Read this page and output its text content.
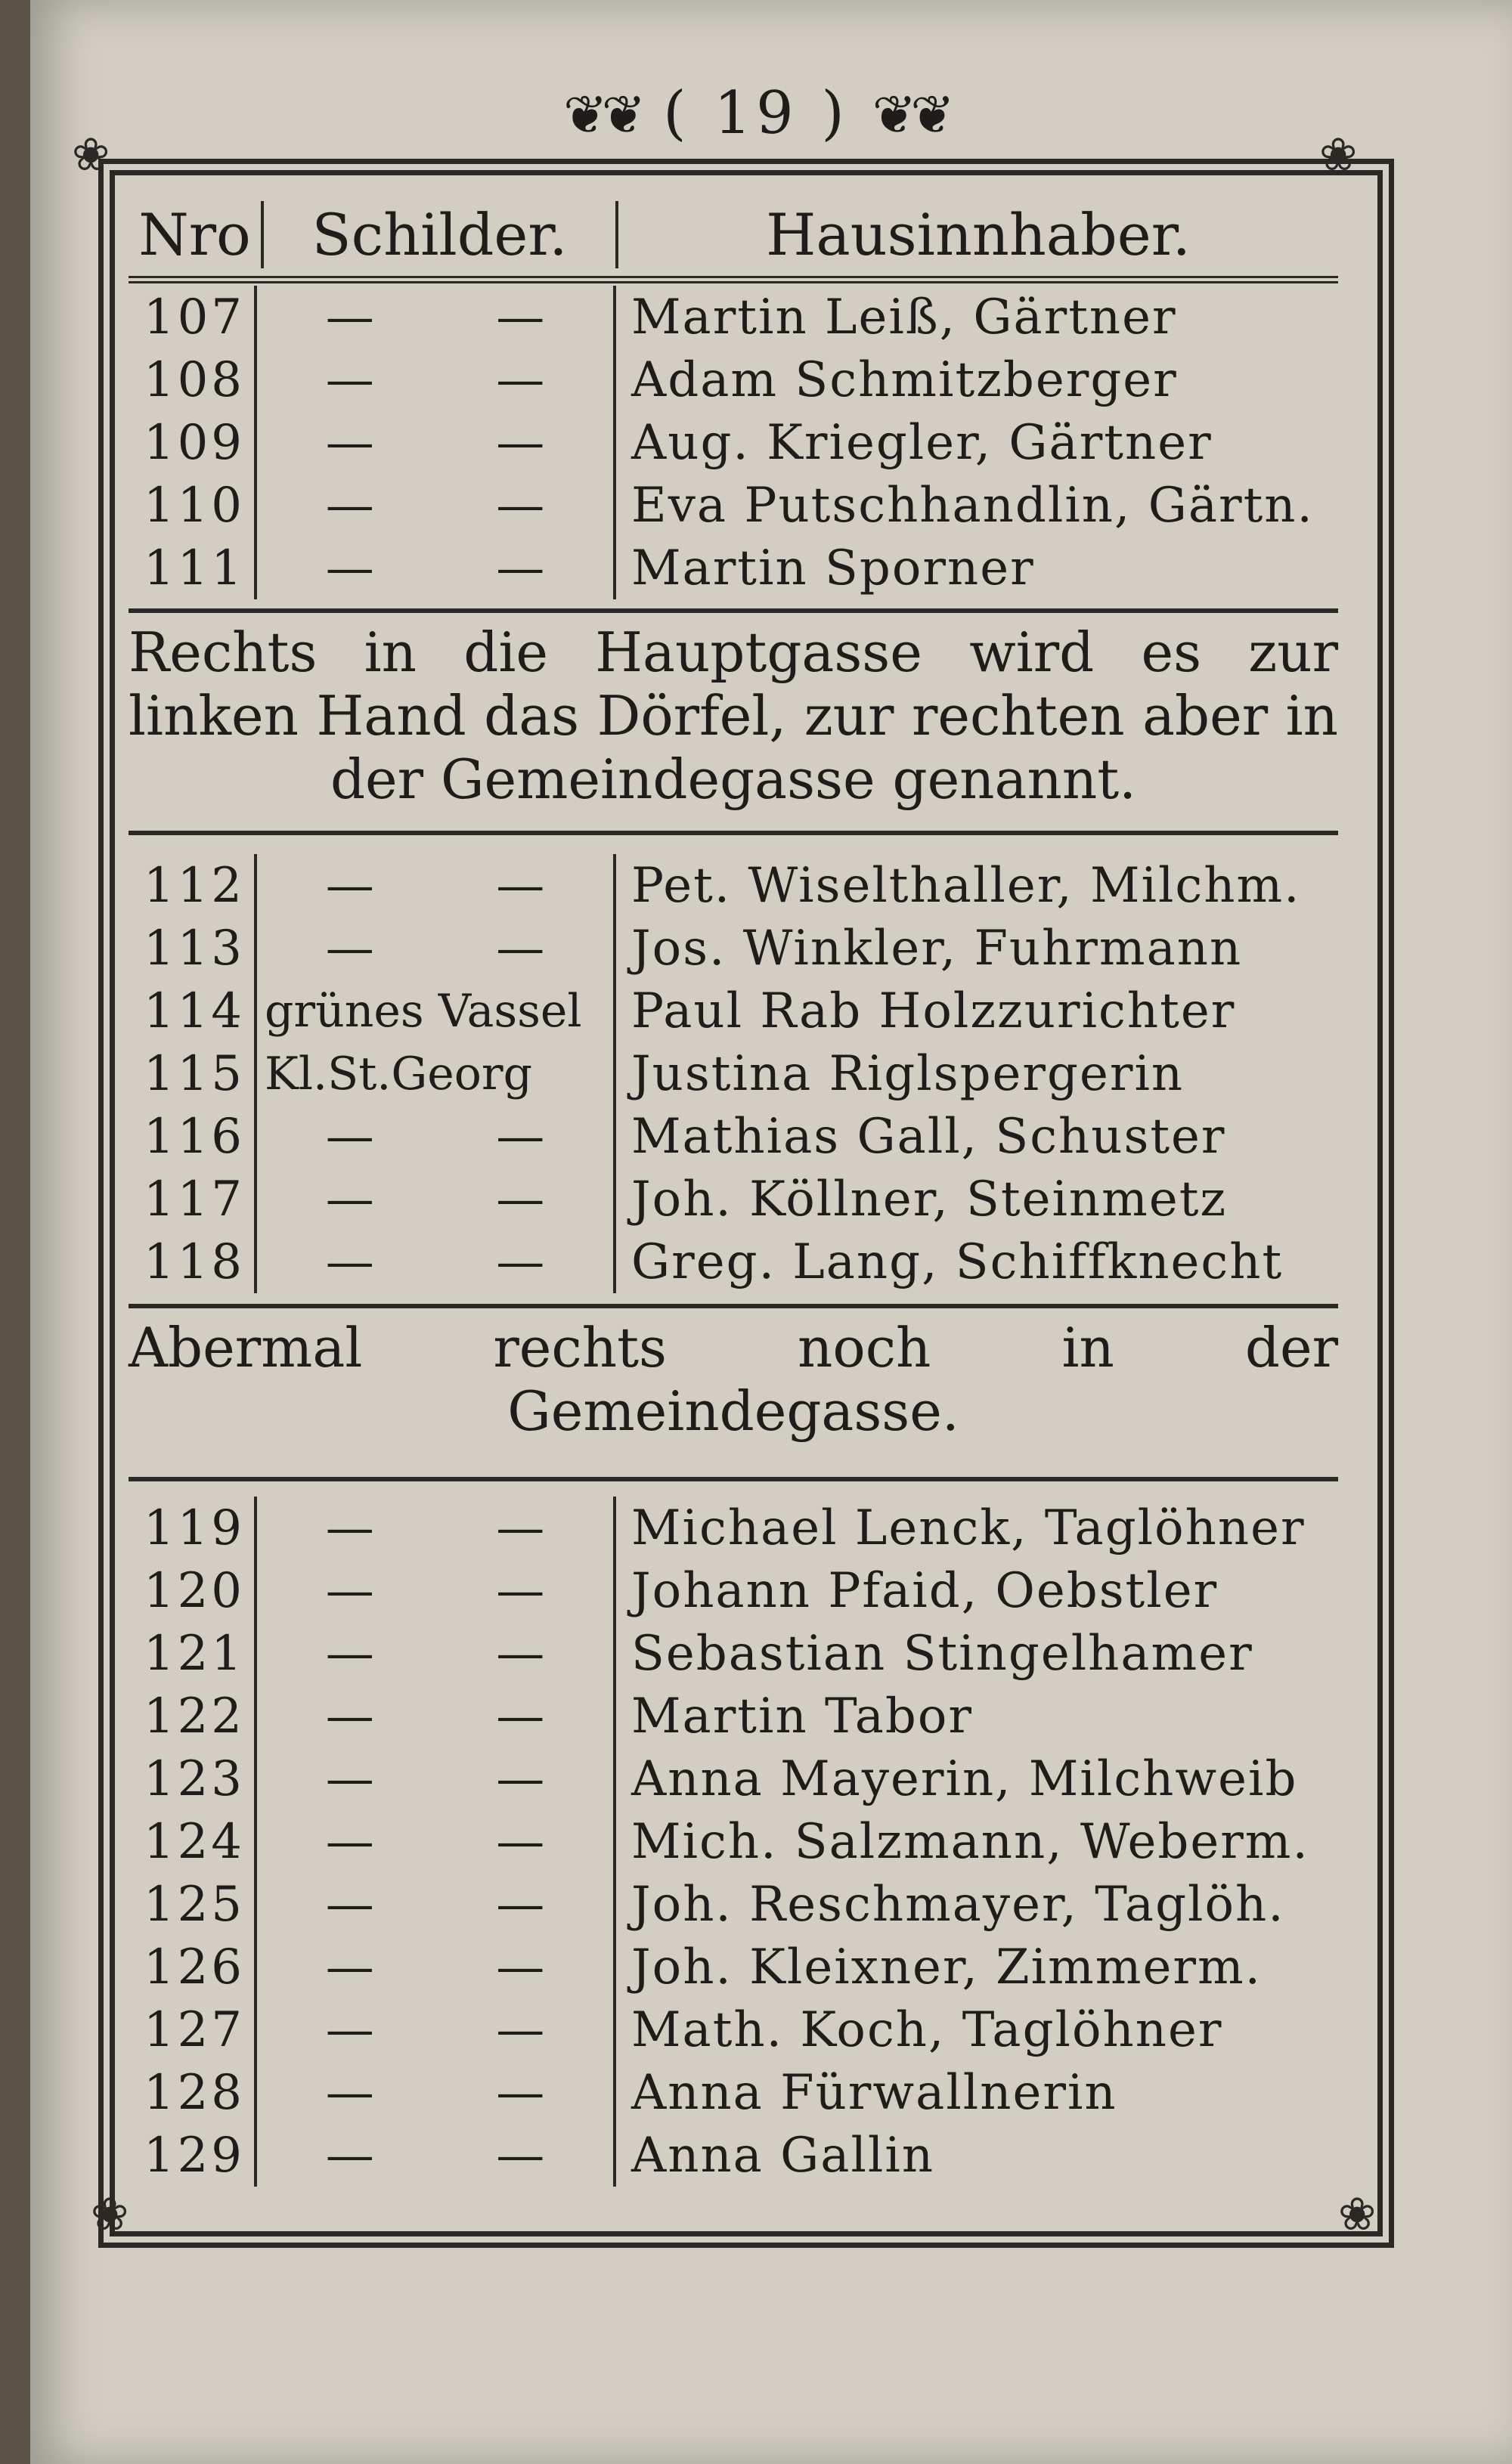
❦❦ ( 19 ) ❦❦
❀	❀
❀	❀
Nro	Schilder.	Hausinnhaber.
107 —	—	Martin Leiß, Gärtner
108 —	—	Adam Schmitzberger
109 —	—	Aug. Kriegler, Gärtner
110 —	—	Eva Putschhandlin, Gärtn.
111 —	—	Martin Sporner
Rechts in die Hauptgasse wird es zur linken Hand das Dörfel, zur rechten aber in der Gemeindegasse genannt.
112 —	—	Pet. Wiselthaller, Milchm.
113 —	—	Jos. Winkler, Fuhrmann
114 grünes Vassel	Paul Rab Holzzurichter
115 Kl.St.Georg	Justina Riglspergerin
116 —	—	Mathias Gall, Schuster
117 —	—	Joh. Köllner, Steinmetz
118 —	—	Greg. Lang, Schiffknecht
Abermal rechts noch in der Gemeindegasse.
119 —	—	Michael Lenck, Taglöhner
120 —	—	Johann Pfaid, Oebstler
121 —	—	Sebastian Stingelhamer
122 —	—	Martin Tabor
123 —	—	Anna Mayerin, Milchweib
124 —	—	Mich. Salzmann, Weberm.
125 —	—	Joh. Reschmayer, Taglöh.
126 —	—	Joh. Kleixner, Zimmerm.
127 —	—	Math. Koch, Taglöhner
128 —	—	Anna Fürwallnerin
129 —	—	Anna Gallin
